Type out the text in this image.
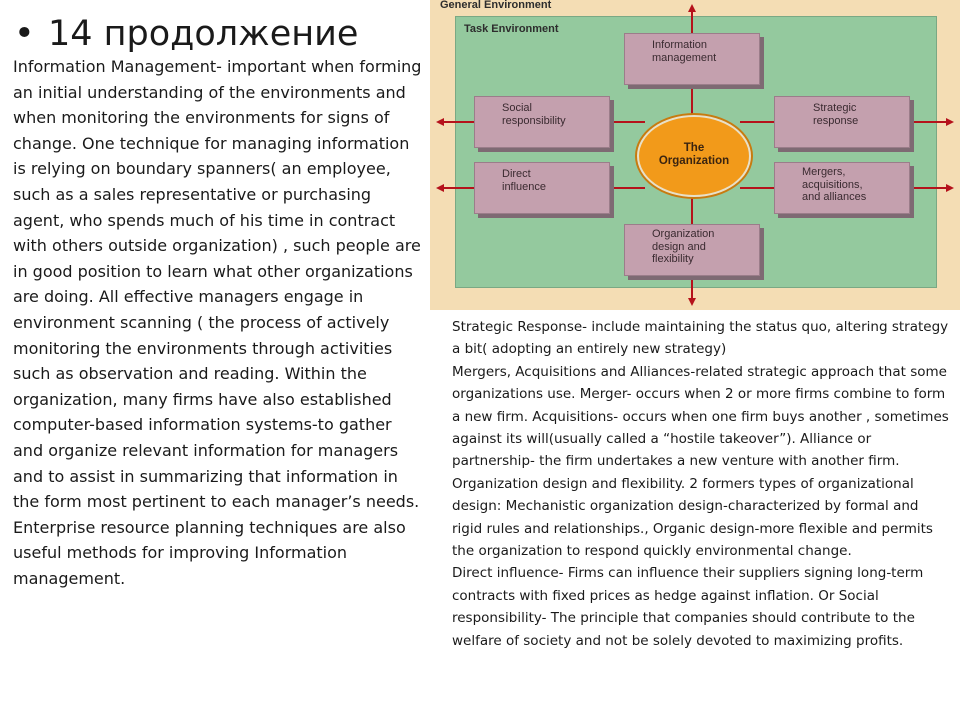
• 14 продолжение

Information Management- important when forming an initial understanding of the environments and when monitoring the environments for signs of change. One technique for managing information is relying on boundary spanners( an employee, such as a sales representative or purchasing agent, who spends much of his time in contract with others outside organization) , such people are in good position to learn what other organizations are doing. All effective managers engage in environment scanning ( the process of actively monitoring the environments through activities such as observation and reading. Within the organization, many firms have also established computer-based information systems-to gather and organize relevant information for managers and to assist in summarizing that information in the form most pertinent to each manager’s needs. Enterprise resource planning techniques are also useful methods for improving Information management.

General Environment
Task Environment
Information
management
Social
responsibility
Strategic
response
Direct
influence
Mergers,
acquisitions,
and alliances
Organization
design and
flexibility
The
Organization

Strategic Response- include maintaining the status quo, altering strategy a bit( adopting an entirely new strategy)

Mergers, Acquisitions and Alliances-related strategic approach that some organizations use. Merger- occurs when 2 or more firms combine to form a new firm. Acquisitions- occurs when one firm buys another , sometimes against its will(usually called a “hostile takeover”). Alliance or partnership- the firm undertakes a new venture with another firm.

Organization design and flexibility. 2 formers types of organizational design: Mechanistic organization design-characterized by formal and rigid rules and relationships., Organic design-more flexible and permits the organization to respond quickly environmental change.

Direct influence- Firms can influence their suppliers signing long-term contracts with fixed prices as hedge against inflation. Or Social responsibility- The principle that companies should contribute to the welfare of society and not be solely devoted to maximizing profits.
